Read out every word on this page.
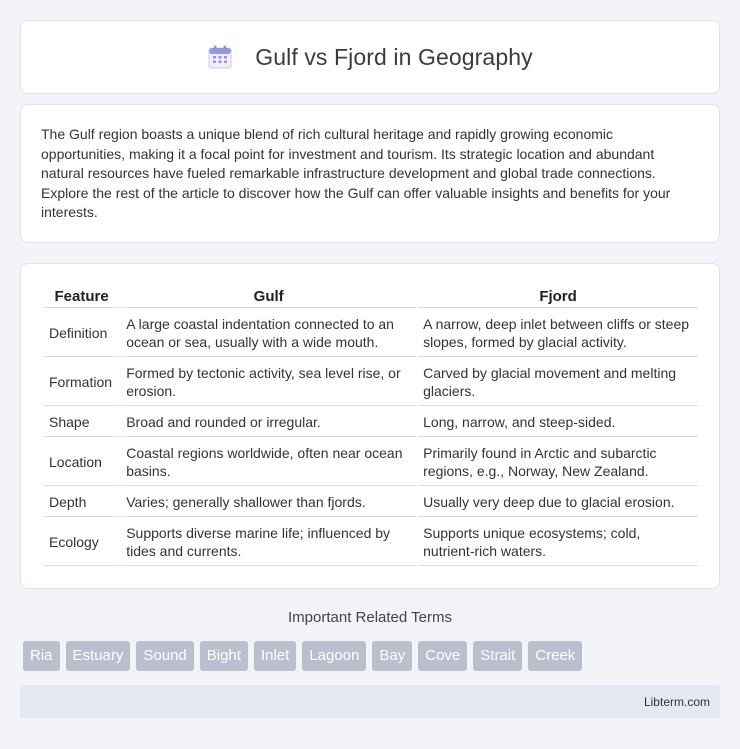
Gulf vs Fjord in Geography

The Gulf region boasts a unique blend of rich cultural heritage and rapidly growing economic opportunities, making it a focal point for investment and tourism. Its strategic location and abundant natural resources have fueled remarkable infrastructure development and global trade connections. Explore the rest of the article to discover how the Gulf can offer valuable insights and benefits for your interests.

Feature	Gulf	Fjord
Definition	A large coastal indentation connected to an ocean or sea, usually with a wide mouth.	A narrow, deep inlet between cliffs or steep slopes, formed by glacial activity.
Formation	Formed by tectonic activity, sea level rise, or erosion.	Carved by glacial movement and melting glaciers.
Shape	Broad and rounded or irregular.	Long, narrow, and steep-sided.
Location	Coastal regions worldwide, often near ocean basins.	Primarily found in Arctic and subarctic regions, e.g., Norway, New Zealand.
Depth	Varies; generally shallower than fjords.	Usually very deep due to glacial erosion.
Ecology	Supports diverse marine life; influenced by tides and currents.	Supports unique ecosystems; cold, nutrient-rich waters.
Important Related Terms
Ria	Estuary	Sound	Bight	Inlet	Lagoon	Bay	Cove	Strait	Creek
Libterm.com
